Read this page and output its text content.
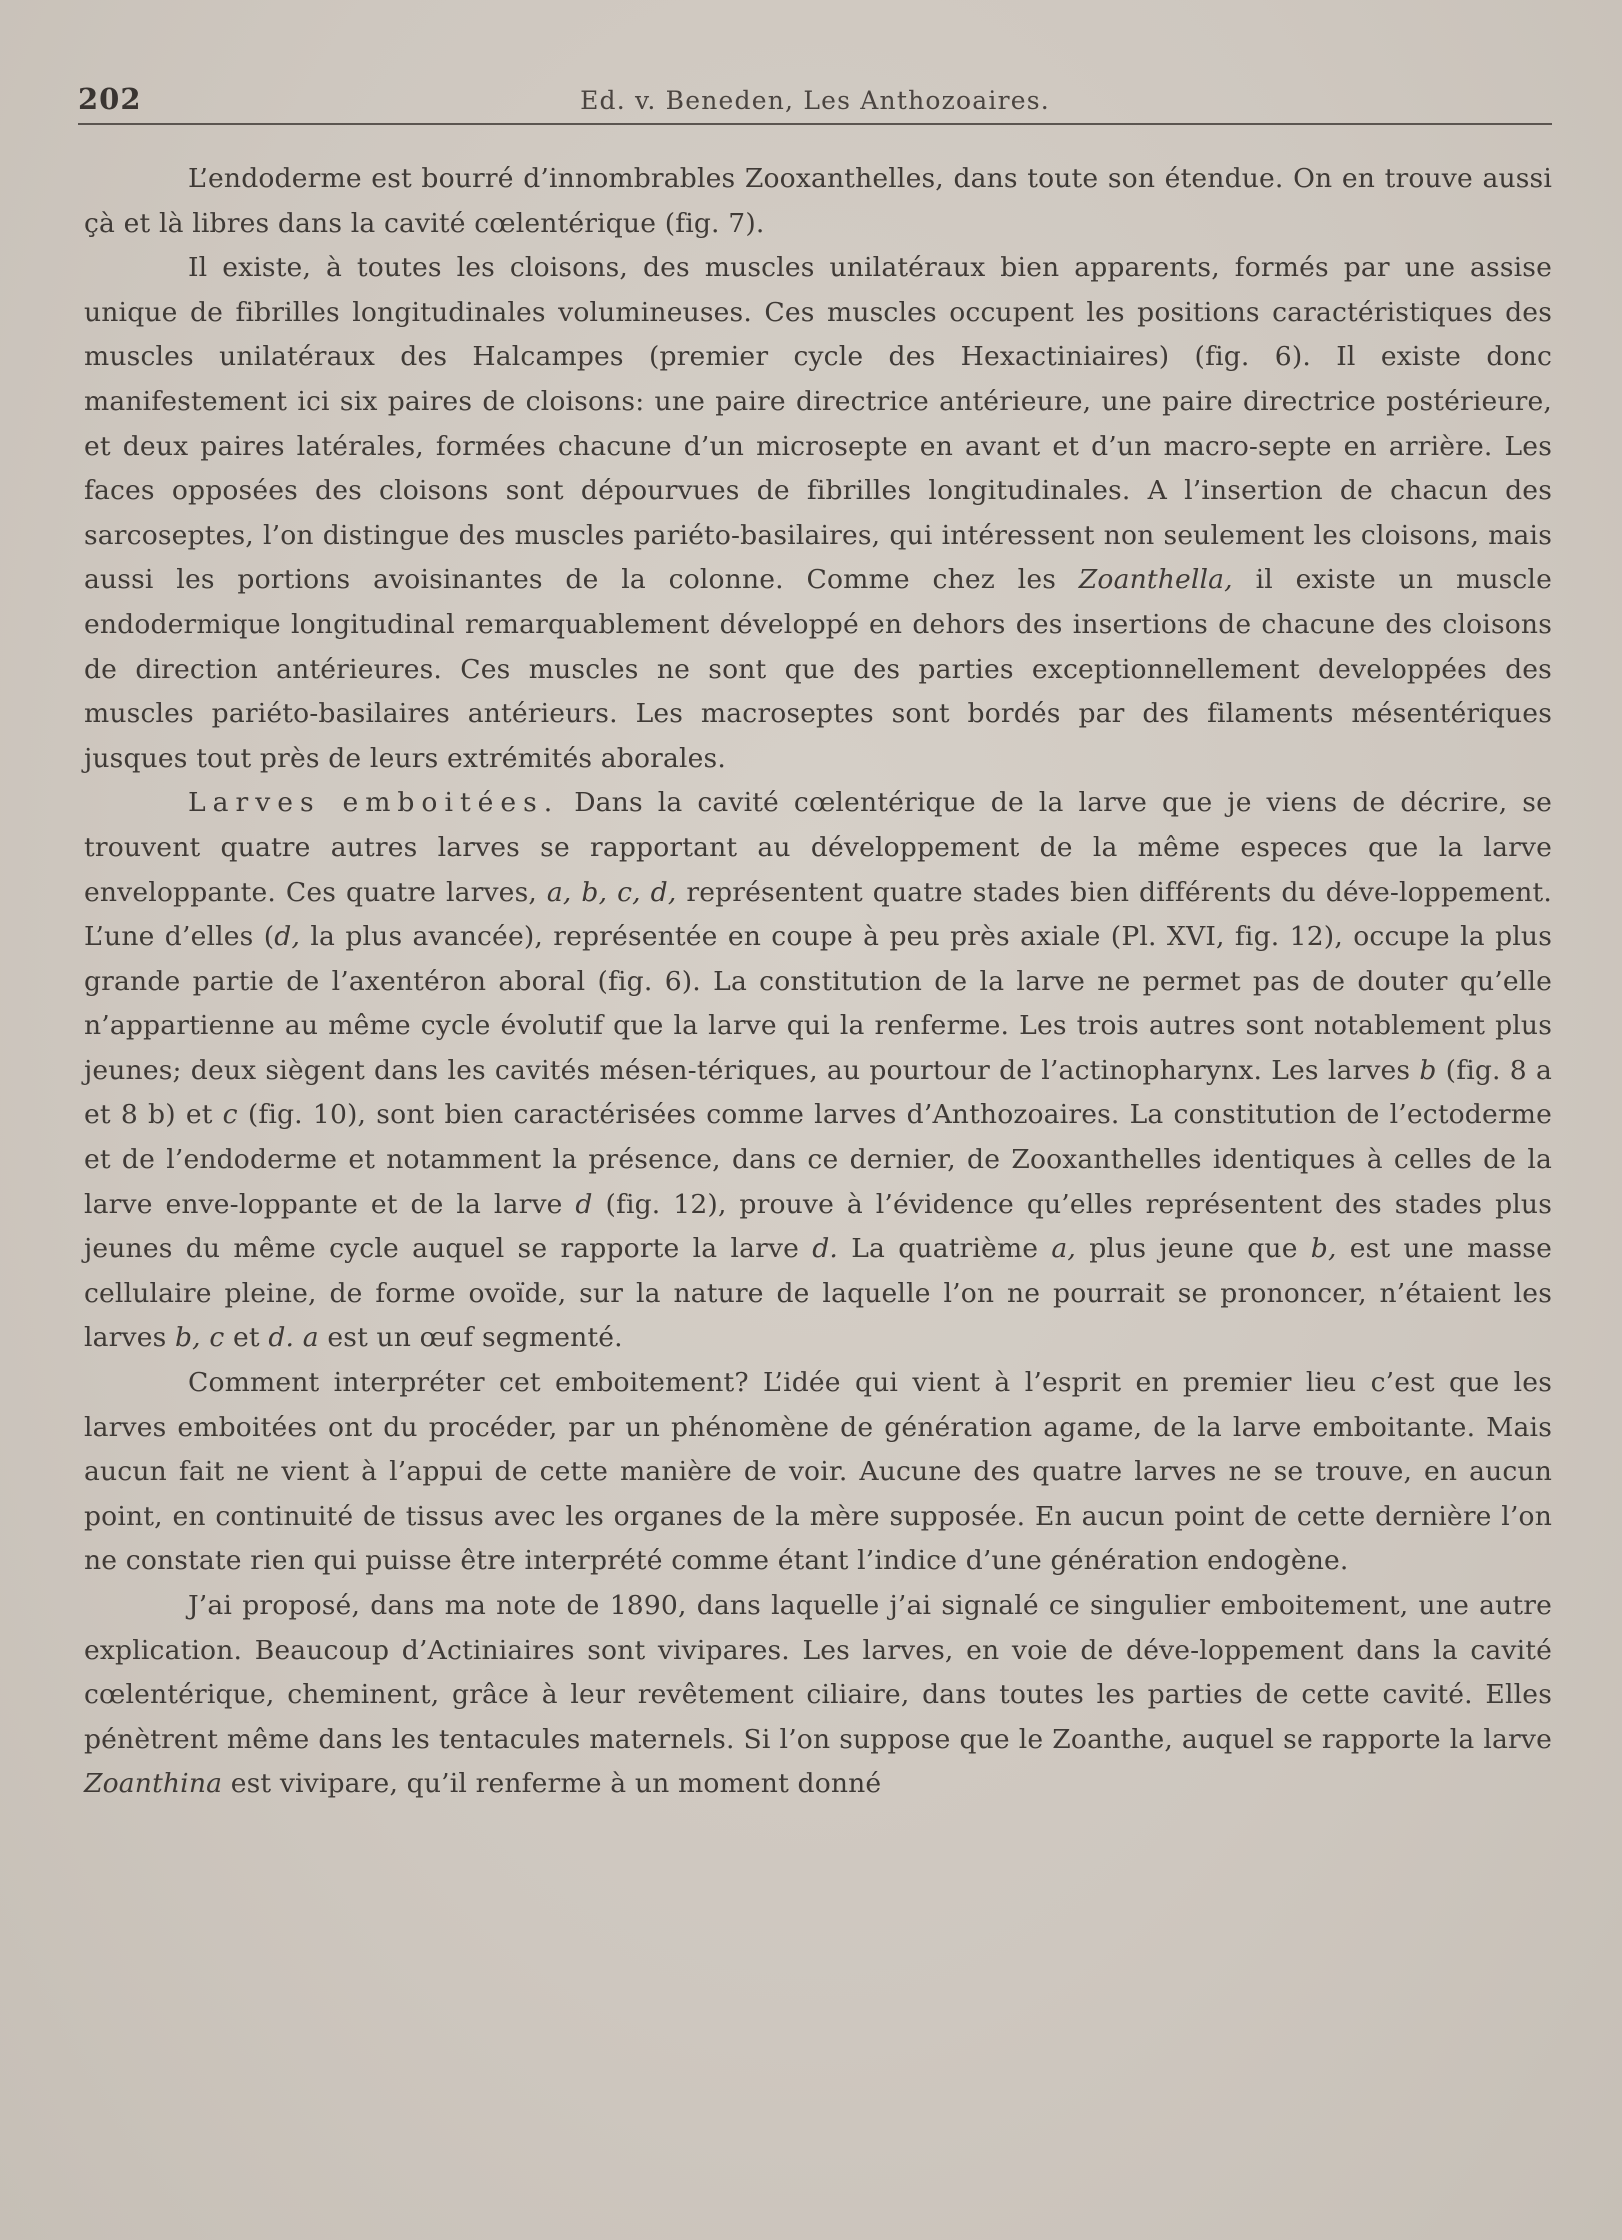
202	Ed. v. Beneden, Les Anthozoaires.

L’endoderme est bourré d’innombrables Zooxanthelles, dans toute son étendue. On en trouve aussi çà et là libres dans la cavité cœlentérique (fig. 7).

Il existe, à toutes les cloisons, des muscles unilatéraux bien apparents, formés par une assise unique de fibrilles longitudinales volumineuses. Ces muscles occupent les positions caractéristiques des muscles unilatéraux des Halcampes (premier cycle des Hexactiniaires) (fig. 6). Il existe donc manifestement ici six paires de cloisons: une paire directrice antérieure, une paire directrice postérieure, et deux paires latérales, formées chacune d’un microsepte en avant et d’un macro-septe en arrière. Les faces opposées des cloisons sont dépourvues de fibrilles longitudinales. A l’insertion de chacun des sarcoseptes, l’on distingue des muscles pariéto-basilaires, qui intéressent non seulement les cloisons, mais aussi les portions avoisinantes de la colonne. Comme chez les Zoanthella, il existe un muscle endodermique longitudinal remarquablement développé en dehors des insertions de chacune des cloisons de direction antérieures. Ces muscles ne sont que des parties exceptionnellement developpées des muscles pariéto-basilaires antérieurs. Les macroseptes sont bordés par des filaments mésentériques jusques tout près de leurs extrémités aborales.

Larves emboitées. Dans la cavité cœlentérique de la larve que je viens de décrire, se trouvent quatre autres larves se rapportant au développement de la même especes que la larve enveloppante. Ces quatre larves, a, b, c, d, représentent quatre stades bien différents du déve-loppement. L’une d’elles (d, la plus avancée), représentée en coupe à peu près axiale (Pl. XVI, fig. 12), occupe la plus grande partie de l’axentéron aboral (fig. 6). La constitution de la larve ne permet pas de douter qu’elle n’appartienne au même cycle évolutif que la larve qui la renferme. Les trois autres sont notablement plus jeunes; deux siègent dans les cavités mésen-tériques, au pourtour de l’actinopharynx. Les larves b (fig. 8 a et 8 b) et c (fig. 10), sont bien caractérisées comme larves d’Anthozoaires. La constitution de l’ectoderme et de l’endoderme et notamment la présence, dans ce dernier, de Zooxanthelles identiques à celles de la larve enve-loppante et de la larve d (fig. 12), prouve à l’évidence qu’elles représentent des stades plus jeunes du même cycle auquel se rapporte la larve d. La quatrième a, plus jeune que b, est une masse cellulaire pleine, de forme ovoïde, sur la nature de laquelle l’on ne pourrait se prononcer, n’étaient les larves b, c et d. a est un œuf segmenté.

Comment interpréter cet emboitement? L’idée qui vient à l’esprit en premier lieu c’est que les larves emboitées ont du procéder, par un phénomène de génération agame, de la larve emboitante. Mais aucun fait ne vient à l’appui de cette manière de voir. Aucune des quatre larves ne se trouve, en aucun point, en continuité de tissus avec les organes de la mère supposée. En aucun point de cette dernière l’on ne constate rien qui puisse être interprété comme étant l’indice d’une génération endogène.

J’ai proposé, dans ma note de 1890, dans laquelle j’ai signalé ce singulier emboitement, une autre explication. Beaucoup d’Actiniaires sont vivipares. Les larves, en voie de déve-loppement dans la cavité cœlentérique, cheminent, grâce à leur revêtement ciliaire, dans toutes les parties de cette cavité. Elles pénètrent même dans les tentacules maternels. Si l’on suppose que le Zoanthe, auquel se rapporte la larve Zoanthina est vivipare, qu’il renferme à un moment donné
